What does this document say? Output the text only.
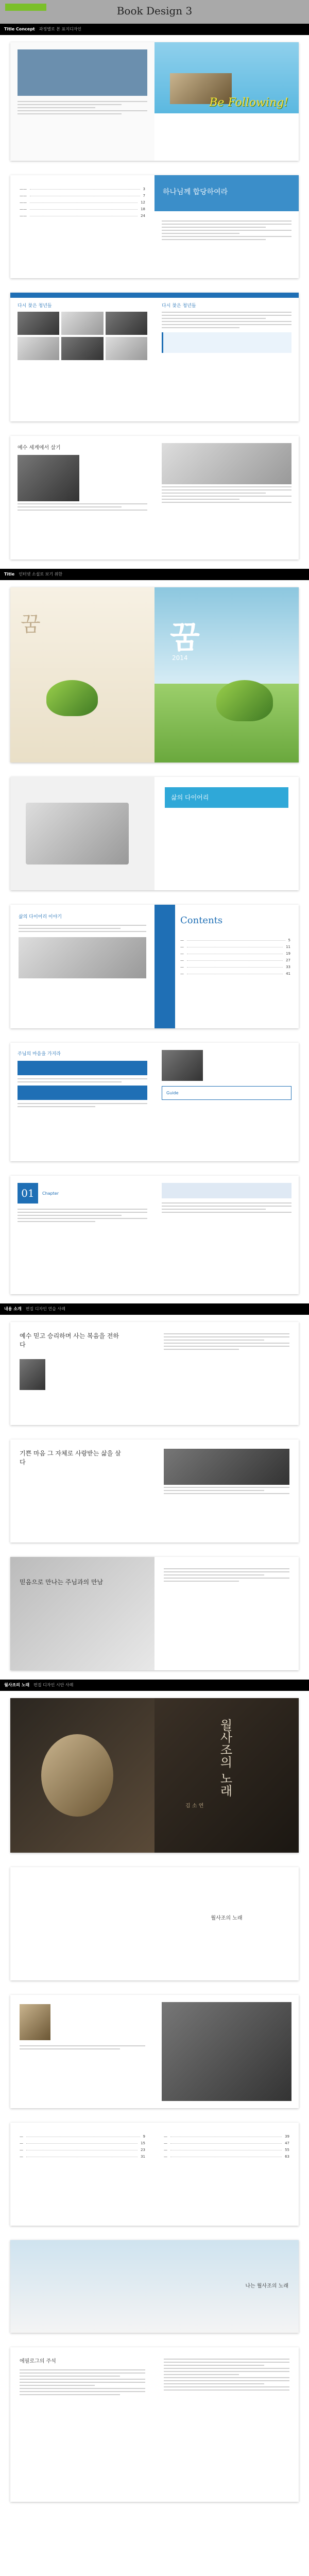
Book Design 3
Title Concept 과정별로 본 표지디자인
Be Following!
——	3
——	7
——	12
——	18
——	24
하나님께 합당하여라
다시 찾은 청년들	다시 찾은 청년들
예수 세계에서 살기
Title 인터넷 소설로 보기 위한
꿈	꿈
2014
삶의 다이어리
삶의 다이어리 이야기	Contents
—	5
—	11
—	19
—	27
—	33
—	41
주님의 마음을 가지라
Guide
01	Chapter
내용 소개 편집 디자인 연습 사례
예수 믿고 승리하며 사는 복음을 전하다
기쁜 마음 그 자체로 사랑받는 삶을 살다
믿음으로 만나는 주님과의 만남
월사조의 노래 편집 디자인 시안 사례
월사조의 노래
김 소 연
월사조의 노래
—	9
—	15
—	23
—	31
—	39
—	47
—	55
—	63
나는 월사조의 노래
에필로그의 주석
